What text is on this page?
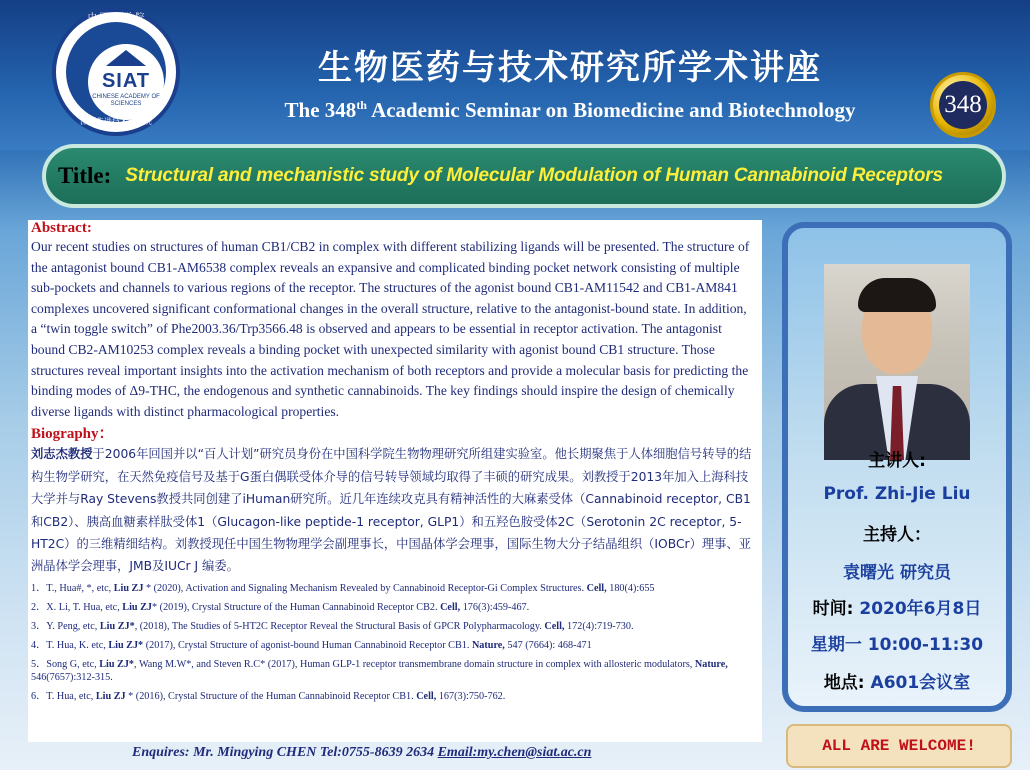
SIAT
CHINESE ACADEMY OF SCIENCES
中 国 科 学 院
深圳先进技术研究院
生物医药与技术研究所学术讲座
The 348th Academic Seminar on Biomedicine and Biotechnology	348
Title: Structural and mechanistic study of Molecular Modulation of Human Cannabinoid Receptors
Abstract:

Our recent studies on structures of human CB1/CB2 in complex with different stabilizing ligands will be presented. The structure of the antagonist bound CB1-AM6538 complex reveals an expansive and complicated binding pocket network consisting of multiple sub-pockets and channels to various regions of the receptor. The structures of the agonist bound CB1-AM11542 and CB1-AM841 complexes uncovered significant conformational changes in the overall structure, relative to the antagonist-bound state. In addition, a “twin toggle switch” of Phe2003.36/Trp3566.48 is observed and appears to be essential in receptor activation. The antagonist bound CB2-AM10253 complex reveals a binding pocket with unexpected similarity with agonist bound CB1 structure. Those structures reveal important insights into the activation mechanism of both receptors and provide a molecular basis for predicting the binding modes of Δ9-THC, the endogenous and synthetic cannabinoids. The key findings should inspire the design of chemically diverse ligands with distinct pharmacological properties.

Biography：

刘志杰教授于2006年回国并以“百人计划”研究员身份在中国科学院生物物理研究所组建实验室。他长期聚焦于人体细胞信号转导的结构生物学研究，在天然免疫信号及基于G蛋白偶联受体介导的信号转导领域均取得了丰硕的研究成果。刘教授于2013年加入上海科技大学并与Ray Stevens教授共同创建了iHuman研究所。近几年连续攻克具有精神活性的大麻素受体（Cannabinoid receptor, CB1和CB2）、胰高血糖素样肽受体1（Glucagon-like peptide-1 receptor, GLP1）和五羟色胺受体2C（Serotonin 2C receptor, 5-HT2C）的三维精细结构。刘教授现任中国生物物理学会副理事长，中国晶体学会理事，国际生物大分子结晶组织（IOBCr）理事、亚洲晶体学会理事，JMB及IUCr J 编委。

1．T., Hua#, *, etc, Liu ZJ * (2020), Activation and Signaling Mechanism Revealed by Cannabinoid Receptor-Gi Complex Structures. Cell, 180(4):655
2．X. Li, T. Hua, etc, Liu ZJ* (2019), Crystal Structure of the Human Cannabinoid Receptor CB2. Cell, 176(3):459-467.
3．Y. Peng, etc, Liu ZJ*, (2018), The Studies of 5-HT2C Receptor Reveal the Structural Basis of GPCR Polypharmacology. Cell, 172(4):719-730.
4．T. Hua, K. etc, Liu ZJ* (2017), Crystal Structure of agonist-bound Human Cannabinoid Receptor CB1. Nature, 547 (7664): 468-471
5．Song G, etc, Liu ZJ*, Wang M.W*, and Steven R.C* (2017), Human GLP-1 receptor transmembrane domain structure in complex with allosteric modulators, Nature, 546(7657):312-315.
6．T. Hua, etc, Liu ZJ * (2016), Crystal Structure of the Human Cannabinoid Receptor CB1. Cell, 167(3):750-762.
主讲人:
Prof. Zhi-Jie Liu
主持人：
袁曙光 研究员
时间: 2020年6月8日
星期一 10:00-11:30
地点: A601会议室
ALL ARE WELCOME!
Enquires: Mr. Mingying CHEN Tel:0755-8639 2634 Email:my.chen@siat.ac.cn
